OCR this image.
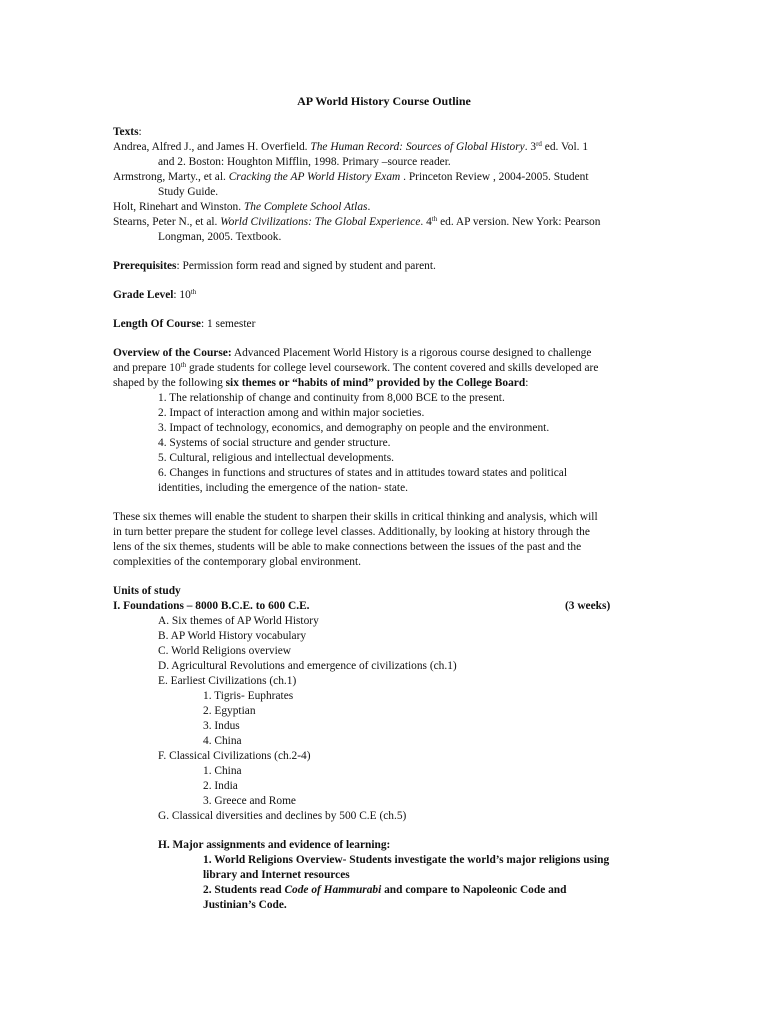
AP World History Course Outline
Texts:
Andrea, Alfred J., and James H. Overfield. The Human Record: Sources of Global History. 3rd ed. Vol. 1
and 2. Boston: Houghton Mifflin, 1998. Primary –source reader.
Armstrong, Marty., et al. Cracking the AP World History Exam . Princeton Review , 2004-2005. Student
Study Guide.
Holt, Rinehart and Winston. The Complete School Atlas.
Stearns, Peter N., et al. World Civilizations: The Global Experience. 4th ed. AP version. New York: Pearson
Longman, 2005. Textbook.
Prerequisites: Permission form read and signed by student and parent.
Grade Level: 10th
Length Of Course: 1 semester
Overview of the Course: Advanced Placement World History is a rigorous course designed to challenge
and prepare 10th grade students for college level coursework. The content covered and skills developed are
shaped by the following six themes or “habits of mind” provided by the College Board:
1. The relationship of change and continuity from 8,000 BCE to the present.
2. Impact of interaction among and within major societies.
3. Impact of technology, economics, and demography on people and the environment.
4. Systems of social structure and gender structure.
5. Cultural, religious and intellectual developments.
6. Changes in functions and structures of states and in attitudes toward states and political
identities, including the emergence of the nation- state.
These six themes will enable the student to sharpen their skills in critical thinking and analysis, which will
in turn better prepare the student for college level classes. Additionally, by looking at history through the
lens of the six themes, students will be able to make connections between the issues of the past and the
complexities of the contemporary global environment.
Units of study
I. Foundations – 8000 B.C.E. to 600 C.E.	(3 weeks)
A. Six themes of AP World History
B. AP World History vocabulary
C. World Religions overview
D. Agricultural Revolutions and emergence of civilizations (ch.1)
E. Earliest Civilizations (ch.1)
1. Tigris- Euphrates
2. Egyptian
3. Indus
4. China
F. Classical Civilizations (ch.2-4)
1. China
2. India
3. Greece and Rome
G. Classical diversities and declines by 500 C.E (ch.5)
H. Major assignments and evidence of learning:
1. World Religions Overview- Students investigate the world’s major religions using
library and Internet resources
2. Students read Code of Hammurabi and compare to Napoleonic Code and
Justinian’s Code.
